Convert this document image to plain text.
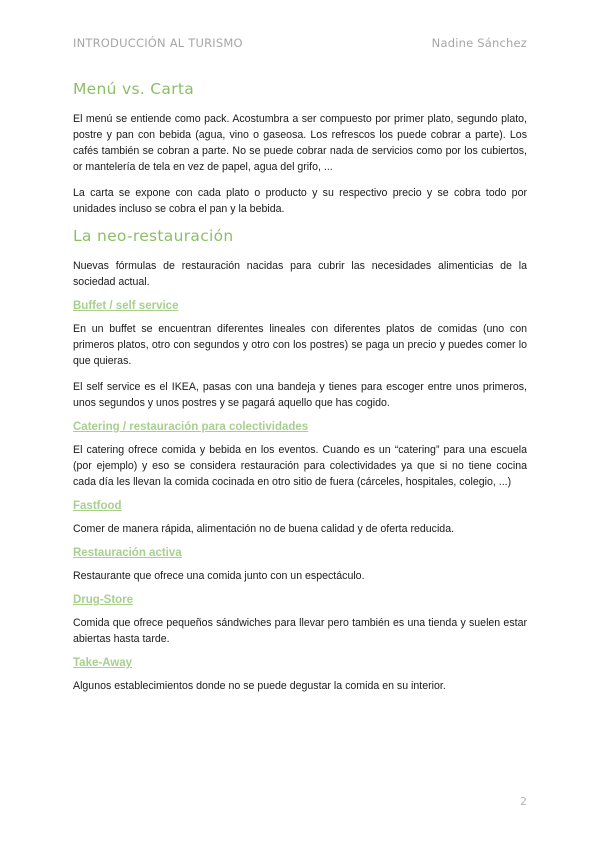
INTRODUCCIÓN AL TURISMO	Nadine Sánchez
Menú vs. Carta

El menú se entiende como pack. Acostumbra a ser compuesto por primer plato, segundo plato, postre y pan con bebida (agua, vino o gaseosa. Los refrescos los puede cobrar a parte). Los cafés también se cobran a parte. No se puede cobrar nada de servicios como por los cubiertos, or mantelería de tela en vez de papel, agua del grifo, ...

La carta se expone con cada plato o producto y su respectivo precio y se cobra todo por unidades incluso se cobra el pan y la bebida.

La neo-restauración

Nuevas fórmulas de restauración nacidas para cubrir las necesidades alimenticias de la sociedad actual.

Buffet / self service

En un buffet se encuentran diferentes lineales con diferentes platos de comidas (uno con primeros platos, otro con segundos y otro con los postres) se paga un precio y puedes comer lo que quieras.

El self service es el IKEA, pasas con una bandeja y tienes para escoger entre unos primeros, unos segundos y unos postres y se pagará aquello que has cogido.

Catering / restauración para colectividades

El catering ofrece comida y bebida en los eventos. Cuando es un “catering” para una escuela (por ejemplo) y eso se considera restauración para colectividades ya que si no tiene cocina cada día les llevan la comida cocinada en otro sitio de fuera (cárceles, hospitales, colegio, ...)

Fastfood

Comer de manera rápida, alimentación no de buena calidad y de oferta reducida.

Restauración activa

Restaurante que ofrece una comida junto con un espectáculo.

Drug-Store

Comida que ofrece pequeños sándwiches para llevar pero también es una tienda y suelen estar abiertas hasta tarde.

Take-Away

Algunos establecimientos donde no se puede degustar la comida en su interior.

2
